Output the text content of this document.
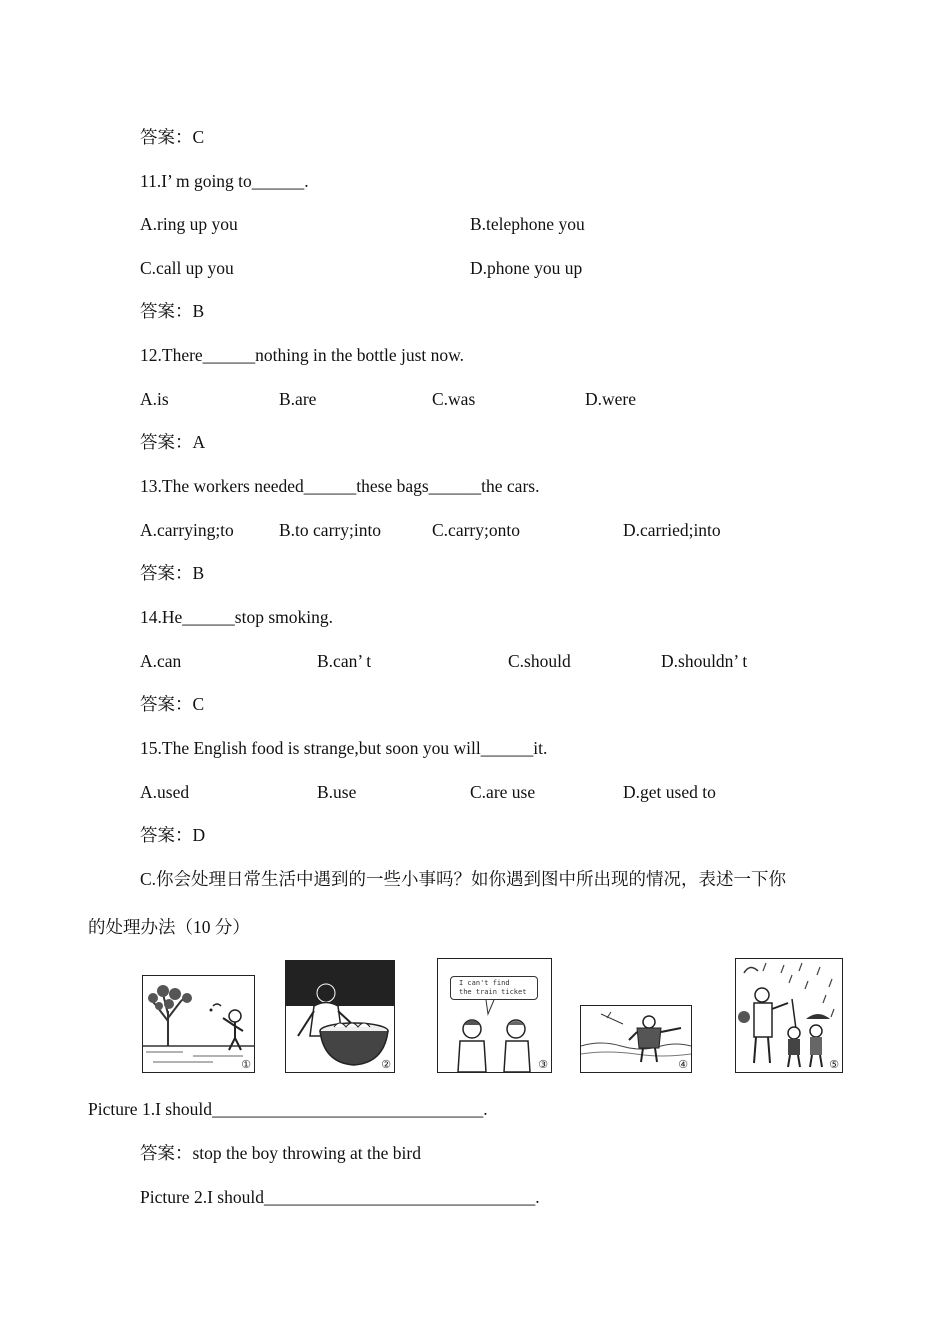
答案：C
11.I’ m going to______.
A.ring up you	B.telephone you
C.call up you	D.phone you up
答案：B
12.There______nothing in the bottle just now.
A.is	B.are	C.was	D.were
答案：A
13.The workers needed______these bags______the cars.
A.carrying;to	B.to carry;into	C.carry;onto	D.carried;into
答案：B
14.He______stop smoking.
A.can	B.can’ t	C.should	D.shouldn’ t
答案：C
15.The English food is strange,but soon you will______it.
A.used	B.use	C.are use	D.get used to
答案：D
C.你会处理日常生活中遇到的一些小事吗？如你遇到图中所出现的情况，表述一下你
的处理办法（10 分）
①	②
I can't find
the train ticket
③	④	⑤
Picture 1.I should_______________________________.
答案：stop the boy throwing at the bird
Picture 2.I should_______________________________.
